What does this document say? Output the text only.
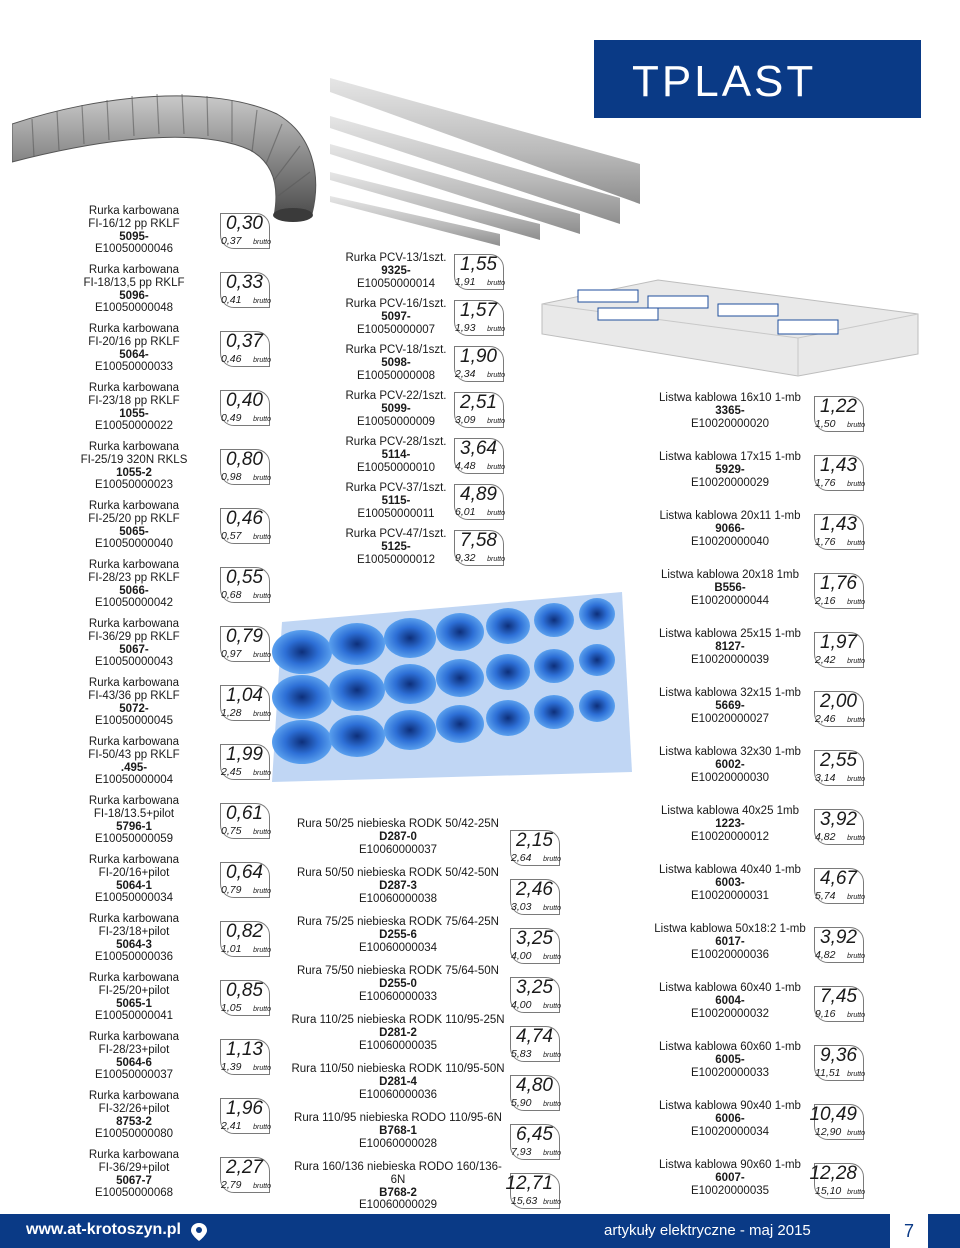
TPLAST
Rurka karbowana
FI-16/12 pp RKLF
5095-
E10050000046
0,30
0,37 brutto
Rurka karbowana
FI-18/13,5 pp RKLF
5096-
E10050000048
0,33
0,41 brutto
Rurka karbowana
FI-20/16 pp RKLF
5064-
E10050000033
0,37
0,46 brutto
Rurka karbowana
FI-23/18 pp RKLF
1055-
E10050000022
0,40
0,49 brutto
Rurka karbowana
FI-25/19 320N RKLS
1055-2
E10050000023
0,80
0,98 brutto
Rurka karbowana
FI-25/20 pp RKLF
5065-
E10050000040
0,46
0,57 brutto
Rurka karbowana
FI-28/23 pp RKLF
5066-
E10050000042
0,55
0,68 brutto
Rurka karbowana
FI-36/29 pp RKLF
5067-
E10050000043
0,79
0,97 brutto
Rurka karbowana
FI-43/36 pp RKLF
5072-
E10050000045
1,04
1,28 brutto
Rurka karbowana
FI-50/43 pp RKLF
.495-
E10050000004
1,99
2,45 brutto
Rurka karbowana
FI-18/13.5+pilot
5796-1
E10050000059
0,61
0,75 brutto
Rurka karbowana
FI-20/16+pilot
5064-1
E10050000034
0,64
0,79 brutto
Rurka karbowana
FI-23/18+pilot
5064-3
E10050000036
0,82
1,01 brutto
Rurka karbowana
FI-25/20+pilot
5065-1
E10050000041
0,85
1,05 brutto
Rurka karbowana
FI-28/23+pilot
5064-6
E10050000037
1,13
1,39 brutto
Rurka karbowana
FI-32/26+pilot
8753-2
E10050000080
1,96
2,41 brutto
Rurka karbowana
FI-36/29+pilot
5067-7
E10050000068
2,27
2,79 brutto
Rurka PCV-13/1szt.
9325-
E10050000014
1,55
1,91 brutto
Rurka PCV-16/1szt.
5097-
E10050000007
1,57
1,93 brutto
Rurka PCV-18/1szt.
5098-
E10050000008
1,90
2,34 brutto
Rurka PCV-22/1szt.
5099-
E10050000009
2,51
3,09 brutto
Rurka PCV-28/1szt.
5114-
E10050000010
3,64
4,48 brutto
Rurka PCV-37/1szt.
5115-
E10050000011
4,89
6,01 brutto
Rurka PCV-47/1szt.
5125-
E10050000012
7,58
9,32 brutto
Rura 50/25 niebieska RODK 50/42-25N
D287-0
E10060000037	2,15
2,64 brutto
Rura 50/50 niebieska RODK 50/42-50N
D287-3
E10060000038	2,46
3,03 brutto
Rura 75/25 niebieska RODK 75/64-25N
D255-6
E10060000034	3,25
4,00 brutto
Rura 75/50 niebieska RODK 75/64-50N
D255-0
E10060000033	3,25
4,00 brutto
Rura 110/25 niebieska RODK 110/95-25N
D281-2
E10060000035	4,74
5,83 brutto
Rura 110/50 niebieska RODK 110/95-50N
D281-4
E10060000036	4,80
5,90 brutto
Rura 110/95 niebieska RODO 110/95-6N
B768-1
E10060000028	6,45
7,93 brutto
Rura 160/136 niebieska RODO 160/136-6N
B768-2
E10060000029
12,71
15,63 brutto
Listwa kablowa 16x10 1-mb
3365-
E10020000020
1,22
1,50 brutto
Listwa kablowa 17x15 1-mb
5929-
E10020000029
1,43
1,76 brutto
Listwa kablowa 20x11 1-mb
9066-
E10020000040
1,43
1,76 brutto
Listwa kablowa 20x18 1mb
B556-
E10020000044
1,76
2,16 brutto
Listwa kablowa 25x15 1-mb
8127-
E10020000039
1,97
2,42 brutto
Listwa kablowa 32x15 1-mb
5669-
E10020000027
2,00
2,46 brutto
Listwa kablowa 32x30 1-mb
6002-
E10020000030
2,55
3,14 brutto
Listwa kablowa 40x25 1mb
1223-
E10020000012
3,92
4,82 brutto
Listwa kablowa 40x40 1-mb
6003-
E10020000031
4,67
5,74 brutto
Listwa kablowa 50x18:2 1-mb
6017-
E10020000036
3,92
4,82 brutto
Listwa kablowa 60x40 1-mb
6004-
E10020000032
7,45
9,16 brutto
Listwa kablowa 60x60 1-mb
6005-
E10020000033
9,36
11,51 brutto
Listwa kablowa 90x40 1-mb
6006-
E10020000034
10,49
12,90 brutto
Listwa kablowa 90x60 1-mb
6007-
E10020000035
12,28
15,10 brutto
www.at-krotoszyn.pl	artykuły elektryczne - maj 2015	7
